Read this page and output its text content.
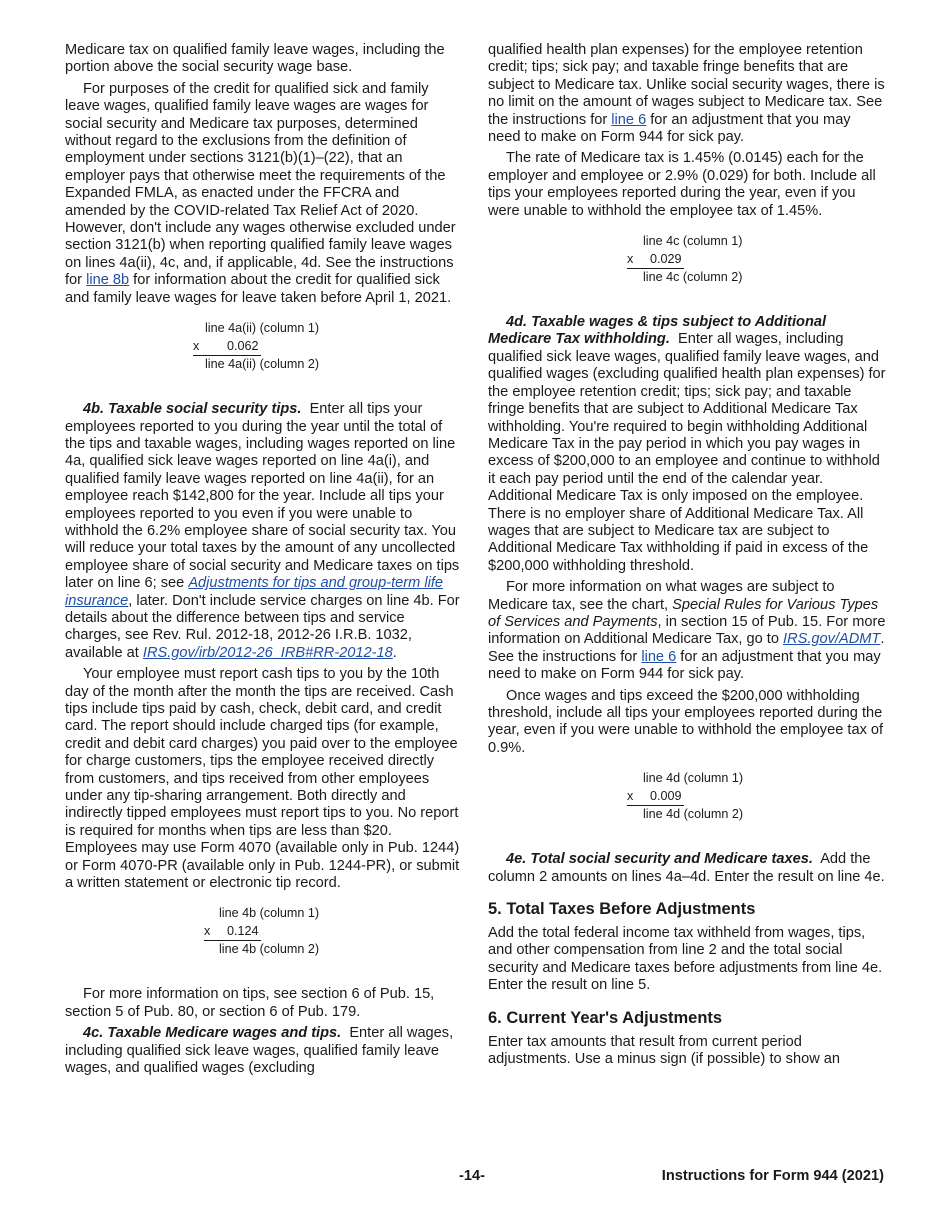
Medicare tax on qualified family leave wages, including the portion above the social security wage base.

For purposes of the credit for qualified sick and family leave wages, qualified family leave wages are wages for social security and Medicare tax purposes, determined without regard to the exclusions from the definition of employment under sections 3121(b)(1)–(22), that an employer pays that otherwise meet the requirements of the Expanded FMLA, as enacted under the FFCRA and amended by the COVID-related Tax Relief Act of 2020. However, don't include any wages otherwise excluded under section 3121(b) when reporting qualified family leave wages on lines 4a(ii), 4c, and, if applicable, 4d. See the instructions for line 8b for information about the credit for qualified sick and family leave wages for leave taken before April 1, 2021.

line 4a(ii) (column 1)
x 0.062
line 4a(ii) (column 2)

4b. Taxable social security tips. Enter all tips your employees reported to you during the year until the total of the tips and taxable wages, including wages reported on line 4a, qualified sick leave wages reported on line 4a(i), and qualified family leave wages reported on line 4a(ii), for an employee reach $142,800 for the year. Include all tips your employees reported to you even if you were unable to withhold the 6.2% employee share of social security tax. You will reduce your total taxes by the amount of any uncollected employee share of social security and Medicare taxes on tips later on line 6; see Adjustments for tips and group-term life insurance, later. Don't include service charges on line 4b. For details about the difference between tips and service charges, see Rev. Rul. 2012-18, 2012-26 I.R.B. 1032, available at IRS.gov/irb/2012-26_IRB#RR-2012-18.

Your employee must report cash tips to you by the 10th day of the month after the month the tips are received. Cash tips include tips paid by cash, check, debit card, and credit card. The report should include charged tips (for example, credit and debit card charges) you paid over to the employee for charge customers, tips the employee received directly from customers, and tips received from other employees under any tip-sharing arrangement. Both directly and indirectly tipped employees must report tips to you. No report is required for months when tips are less than $20. Employees may use Form 4070 (available only in Pub. 1244) or Form 4070-PR (available only in Pub. 1244-PR), or submit a written statement or electronic tip record.

line 4b (column 1)
x 0.124
line 4b (column 2)

For more information on tips, see section 6 of Pub. 15, section 5 of Pub. 80, or section 6 of Pub. 179.

4c. Taxable Medicare wages and tips. Enter all wages, including qualified sick leave wages, qualified family leave wages, and qualified wages (excluding

qualified health plan expenses) for the employee retention credit; tips; sick pay; and taxable fringe benefits that are subject to Medicare tax. Unlike social security wages, there is no limit on the amount of wages subject to Medicare tax. See the instructions for line 6 for an adjustment that you may need to make on Form 944 for sick pay.

The rate of Medicare tax is 1.45% (0.0145) each for the employer and employee or 2.9% (0.029) for both. Include all tips your employees reported during the year, even if you were unable to withhold the employee tax of 1.45%.

line 4c (column 1)
x 0.029
line 4c (column 2)

4d. Taxable wages & tips subject to Additional Medicare Tax withholding. Enter all wages, including qualified sick leave wages, qualified family leave wages, and qualified wages (excluding qualified health plan expenses) for the employee retention credit; tips; sick pay; and taxable fringe benefits that are subject to Additional Medicare Tax withholding. You're required to begin withholding Additional Medicare Tax in the pay period in which you pay wages in excess of $200,000 to an employee and continue to withhold it each pay period until the end of the calendar year. Additional Medicare Tax is only imposed on the employee. There is no employer share of Additional Medicare Tax. All wages that are subject to Medicare tax are subject to Additional Medicare Tax withholding if paid in excess of the $200,000 withholding threshold.

For more information on what wages are subject to Medicare tax, see the chart, Special Rules for Various Types of Services and Payments, in section 15 of Pub. 15. For more information on Additional Medicare Tax, go to IRS.gov/ADMT. See the instructions for line 6 for an adjustment that you may need to make on Form 944 for sick pay.

Once wages and tips exceed the $200,000 withholding threshold, include all tips your employees reported during the year, even if you were unable to withhold the employee tax of 0.9%.

line 4d (column 1)
x 0.009
line 4d (column 2)

4e. Total social security and Medicare taxes. Add the column 2 amounts on lines 4a–4d. Enter the result on line 4e.

5. Total Taxes Before Adjustments

Add the total federal income tax withheld from wages, tips, and other compensation from line 2 and the total social security and Medicare taxes before adjustments from line 4e. Enter the result on line 5.

6. Current Year's Adjustments

Enter tax amounts that result from current period adjustments. Use a minus sign (if possible) to show an

-14-	Instructions for Form 944 (2021)
